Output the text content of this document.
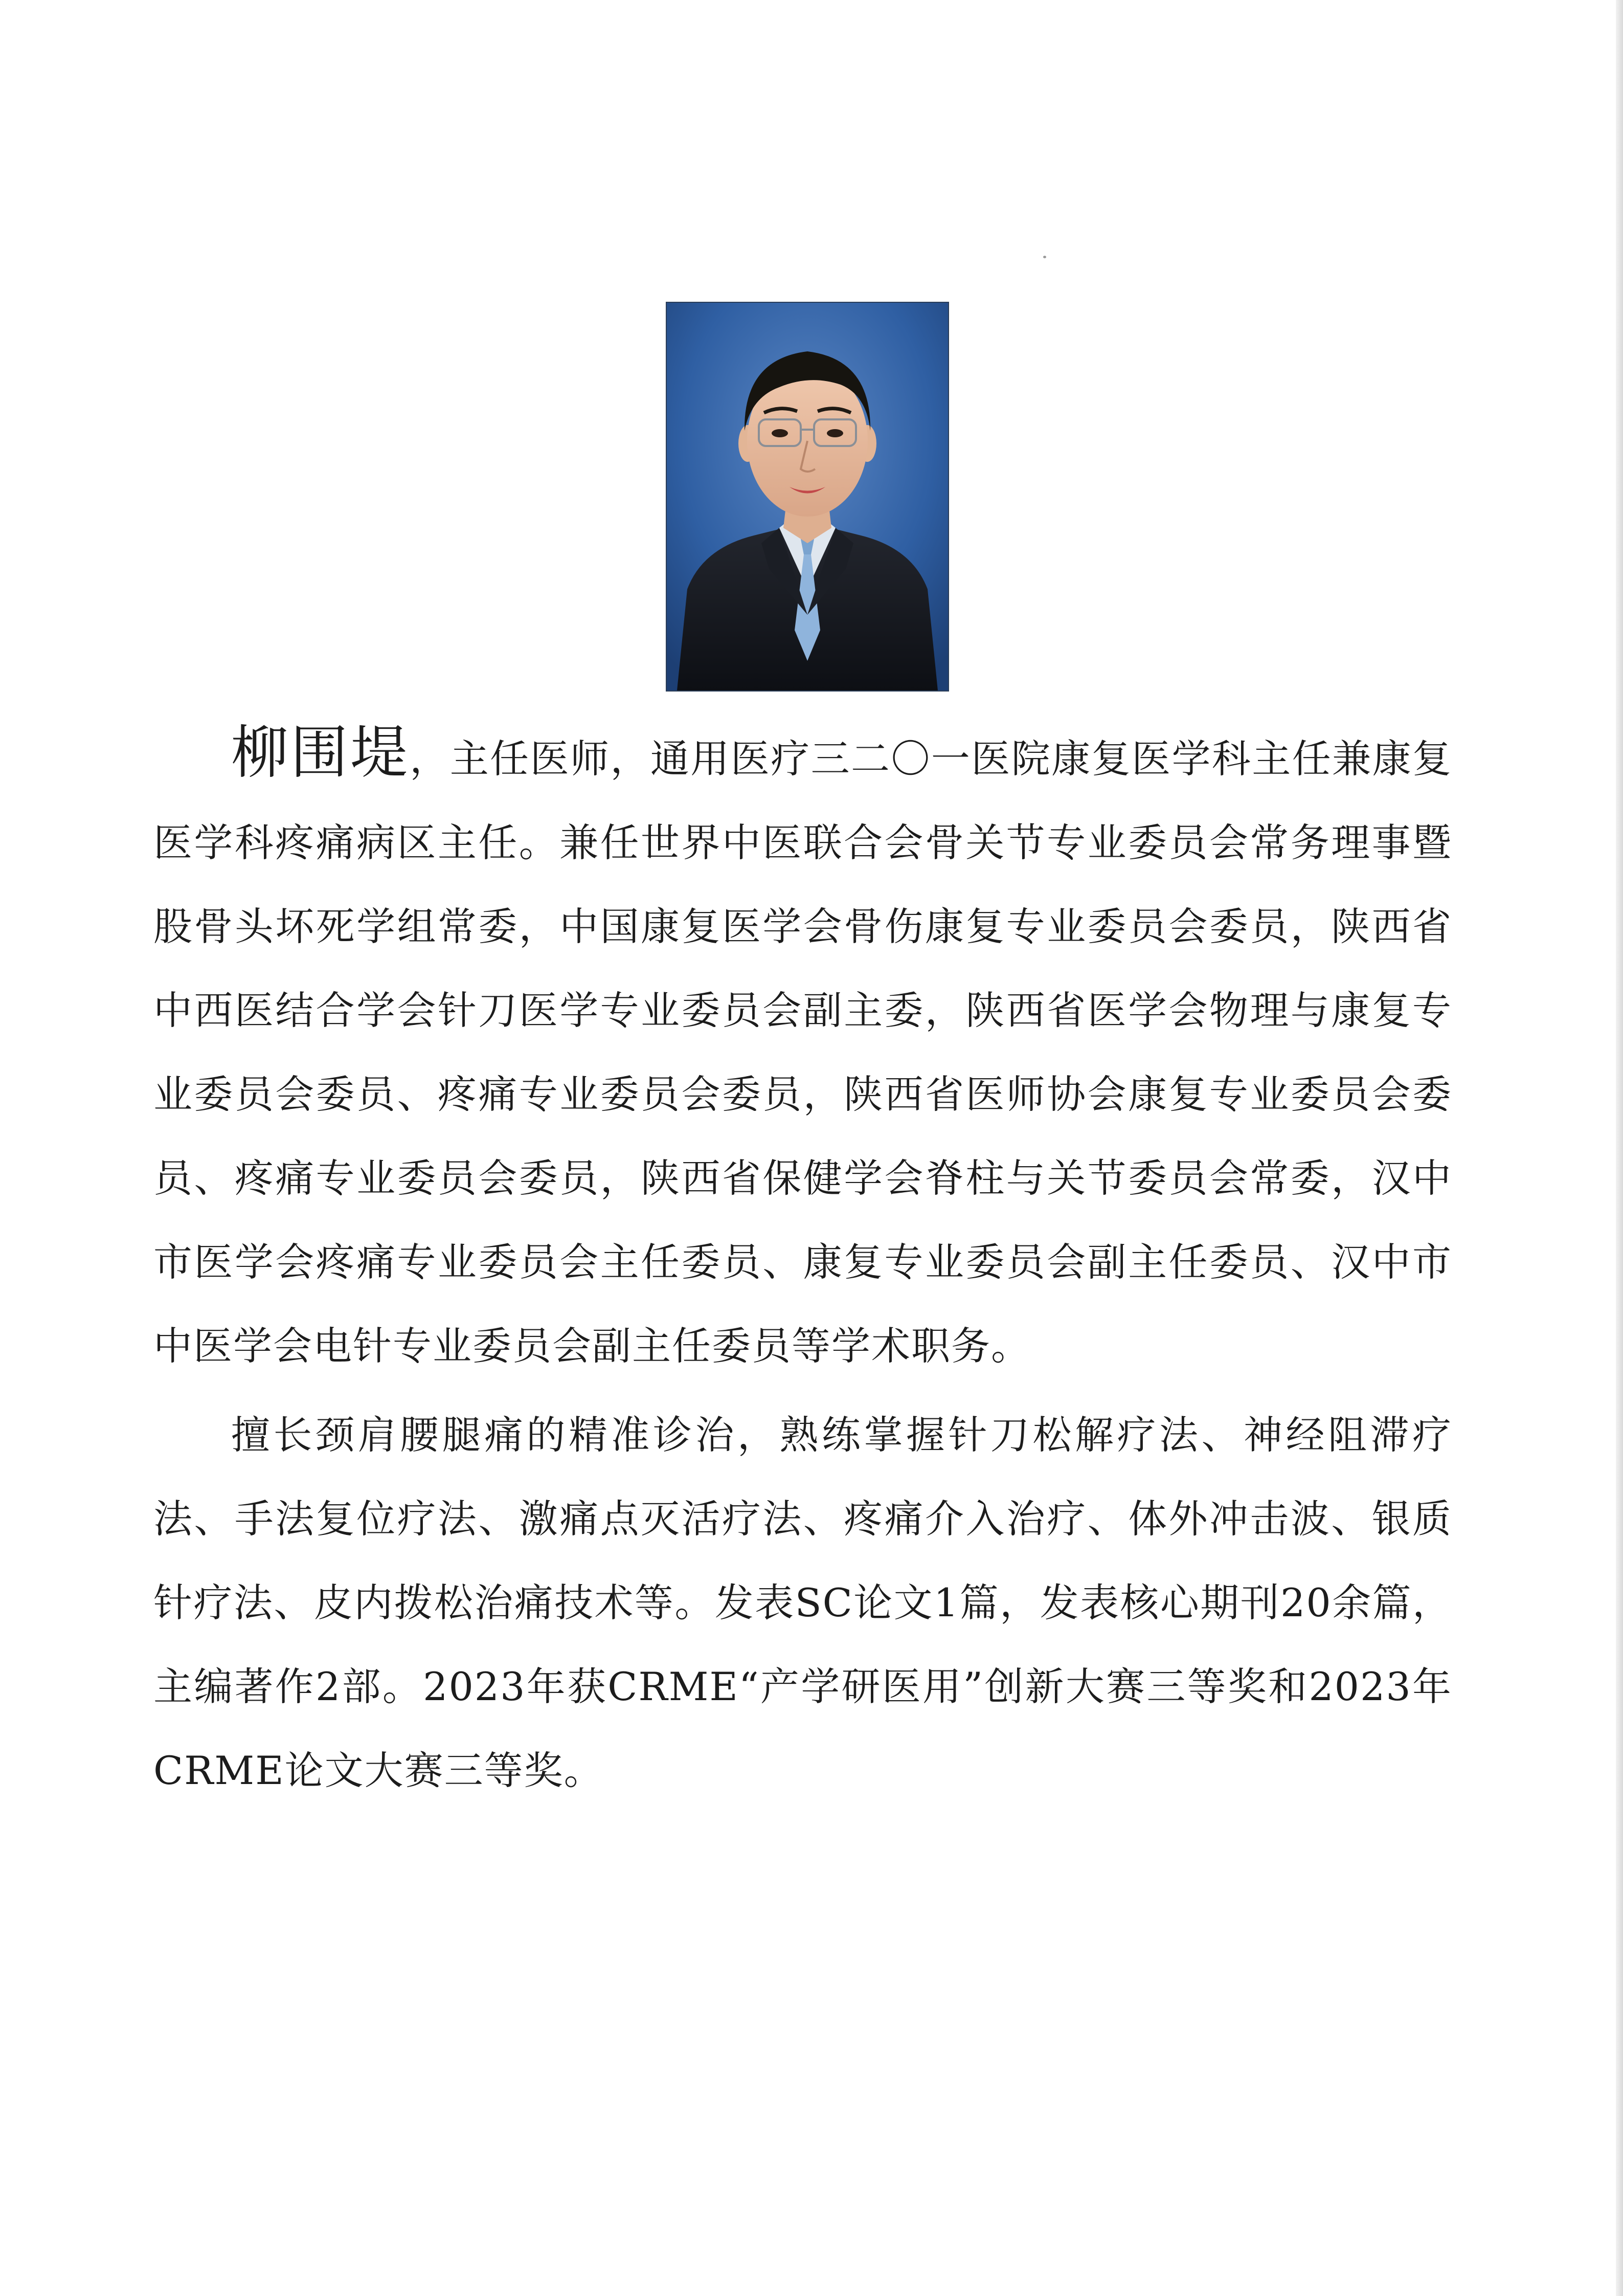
柳围堤，主任医师，通用医疗三二〇一医院康复医学科主任兼康复医学科疼痛病区主任。兼任世界中医联合会骨关节专业委员会常务理事暨股骨头坏死学组常委，中国康复医学会骨伤康复专业委员会委员，陕西省中西医结合学会针刀医学专业委员会副主委，陕西省医学会物理与康复专业委员会委员、疼痛专业委员会委员，陕西省医师协会康复专业委员会委员、疼痛专业委员会委员，陕西省保健学会脊柱与关节委员会常委，汉中市医学会疼痛专业委员会主任委员、康复专业委员会副主任委员、汉中市中医学会电针专业委员会副主任委员等学术职务。

擅长颈肩腰腿痛的精准诊治，熟练掌握针刀松解疗法、神经阻滞疗法、手法复位疗法、激痛点灭活疗法、疼痛介入治疗、体外冲击波、银质针疗法、皮内拨松治痛技术等。发表SC论文1篇，发表核心期刊20余篇，主编著作2部。2023年获CRME“产学研医用”创新大赛三等奖和2023年CRME论文大赛三等奖。
